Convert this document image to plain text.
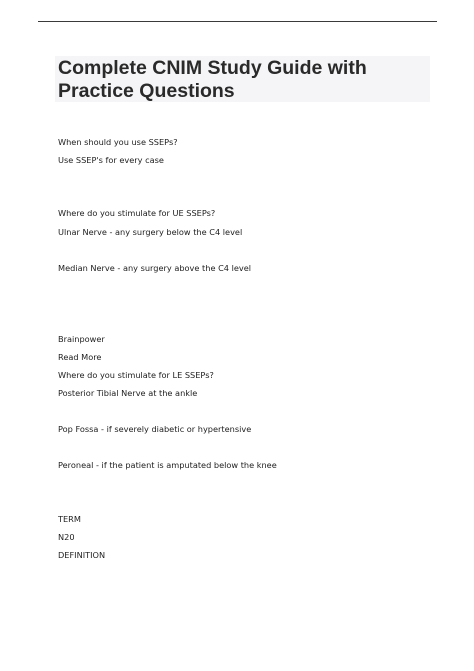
Complete CNIM Study Guide with Practice Questions
When should you use SSEPs?
Use SSEP's for every case
Where do you stimulate for UE SSEPs?
Ulnar Nerve - any surgery below the C4 level
Median Nerve - any surgery above the C4 level
Brainpower
Read More
Where do you stimulate for LE SSEPs?
Posterior Tibial Nerve at the ankle
Pop Fossa - if severely diabetic or hypertensive
Peroneal - if the patient is amputated below the knee
TERM
N20
DEFINITION
